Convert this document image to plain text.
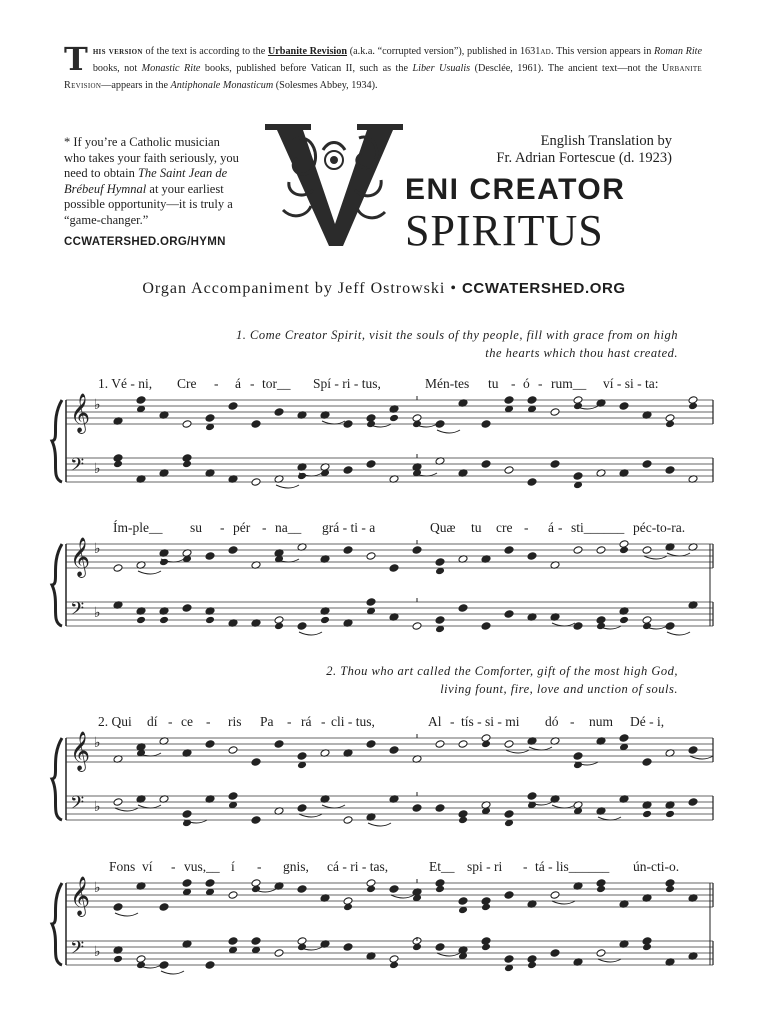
T his version of the text is according to the Urbanite Revision (a.k.a. “corrupted version”), published in 1631ad. This version appears in Roman Rite books, not Monastic Rite books, published before Vatican II, such as the Liber Usualis (Desclée, 1961). The ancient text—not the Urbanite Revision—appears in the Antiphonale Monasticum (Solesmes Abbey, 1934).
* If you’re a Catholic musician who takes your faith seriously, you need to obtain The Saint Jean de Brébeuf Hymnal at your earliest possible opportunity—it is truly a “game-changer.”
CCWATERSHED.ORG/HYMN
V
English Translation by
Fr. Adrian Fortescue (d. 1923)
ENI CREATOR
SPIRITUS
Organ Accompaniment by Jeff Ostrowski • CCWATERSHED.ORG
1. Come Creator Spirit, visit the souls of thy people, fill with grace from on high
the hearts which thou hast created.
2. Thou who art called the Comforter, gift of the most high God,
living fount, fire, love and unction of souls.
1. Vé - ni, Cre - á - tor__ Spí - ri - tus,	Mén-tes tu - ó - rum__ ví - si - ta:
Ím-ple__ su - pér - na__ grá - ti - a	Quæ tu cre - á - sti______ péc-to-ra.
2. Qui dí - ce - ris Pa - rá - cli - tus,	Al - tís - si - mi dó - num Dé - i,
Fons ví - vus,__ í - gnis, cá - ri - tas,	Et__ spi - ri - tá - lis______ ún-cti-o.
𝄞 ♭
𝄢 ♭
𝄞 ♭
𝄢 ♭
𝄞 ♭
𝄢 ♭
𝄞 ♭
𝄢 ♭
